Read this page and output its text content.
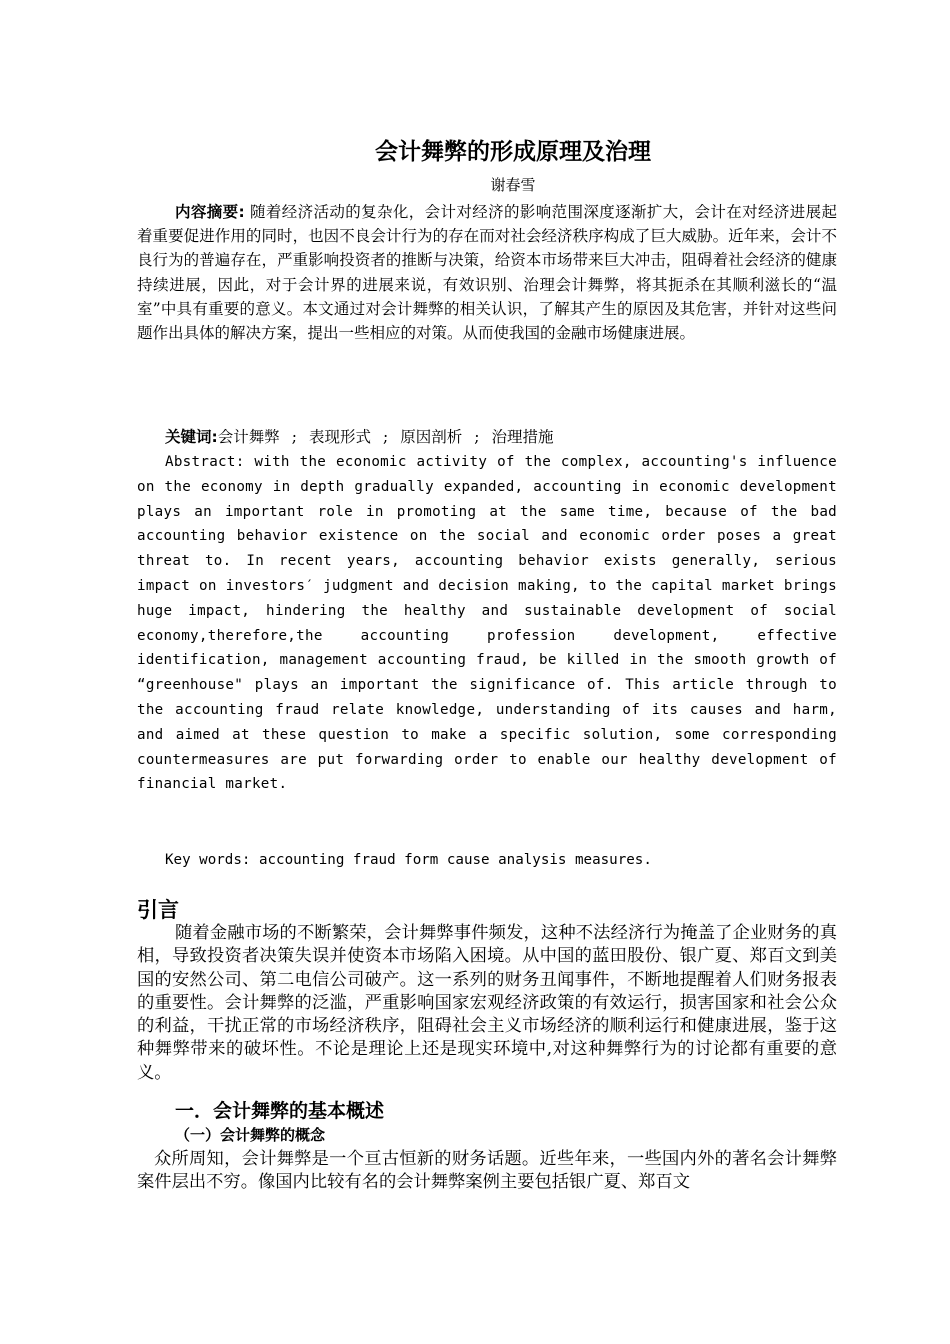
会计舞弊的形成原理及治理
谢春雪
内容摘要: 随着经济活动的复杂化，会计对经济的影响范围深度逐渐扩大，会计在对经济进展起着重要促进作用的同时，也因不良会计行为的存在而对社会经济秩序构成了巨大威胁。近年来，会计不良行为的普遍存在，严重影响投资者的推断与决策，给资本市场带来巨大冲击，阻碍着社会经济的健康持续进展，因此，对于会计界的进展来说，有效识别、治理会计舞弊，将其扼杀在其顺利滋长的“温室”中具有重要的意义。本文通过对会计舞弊的相关认识，了解其产生的原因及其危害，并针对这些问题作出具体的解决方案，提出一些相应的对策。从而使我国的金融市场健康进展。
关键词:会计舞弊 ; 表现形式 ; 原因剖析 ; 治理措施
Abstract: with the economic activity of the complex, accounting's influence on the economy in depth gradually expanded, accounting in economic development plays an important role in promoting at the same time, because of the bad accounting behavior existence on the social and economic order poses a great threat to. In recent years, accounting behavior exists generally, serious impact on investors′ judgment and decision making, to the capital market brings huge impact, hindering the healthy and sustainable development of social economy,therefore,the accounting profession development, effective identification, management accounting fraud, be killed in the smooth growth of “greenhouse" plays an important the significance of. This article through to the accounting fraud relate knowledge, understanding of its causes and harm, and aimed at these question to make a specific solution, some corresponding countermeasures are put forwarding order to enable our healthy development of financial market.
Key words: accounting fraud form cause analysis measures.
引言
随着金融市场的不断繁荣，会计舞弊事件频发，这种不法经济行为掩盖了企业财务的真相，导致投资者决策失误并使资本市场陷入困境。从中国的蓝田股份、银广夏、郑百文到美国的安然公司、第二电信公司破产。这一系列的财务丑闻事件，不断地提醒着人们财务报表的重要性。会计舞弊的泛滥，严重影响国家宏观经济政策的有效运行，损害国家和社会公众的利益，干扰正常的市场经济秩序，阻碍社会主义市场经济的顺利运行和健康进展，鉴于这种舞弊带来的破坏性。不论是理论上还是现实环境中,对这种舞弊行为的讨论都有重要的意义。
一．会计舞弊的基本概述
（一）会计舞弊的概念
众所周知，会计舞弊是一个亘古恒新的财务话题。近些年来，一些国内外的著名会计舞弊案件层出不穷。像国内比较有名的会计舞弊案例主要包括银广夏、郑百文
